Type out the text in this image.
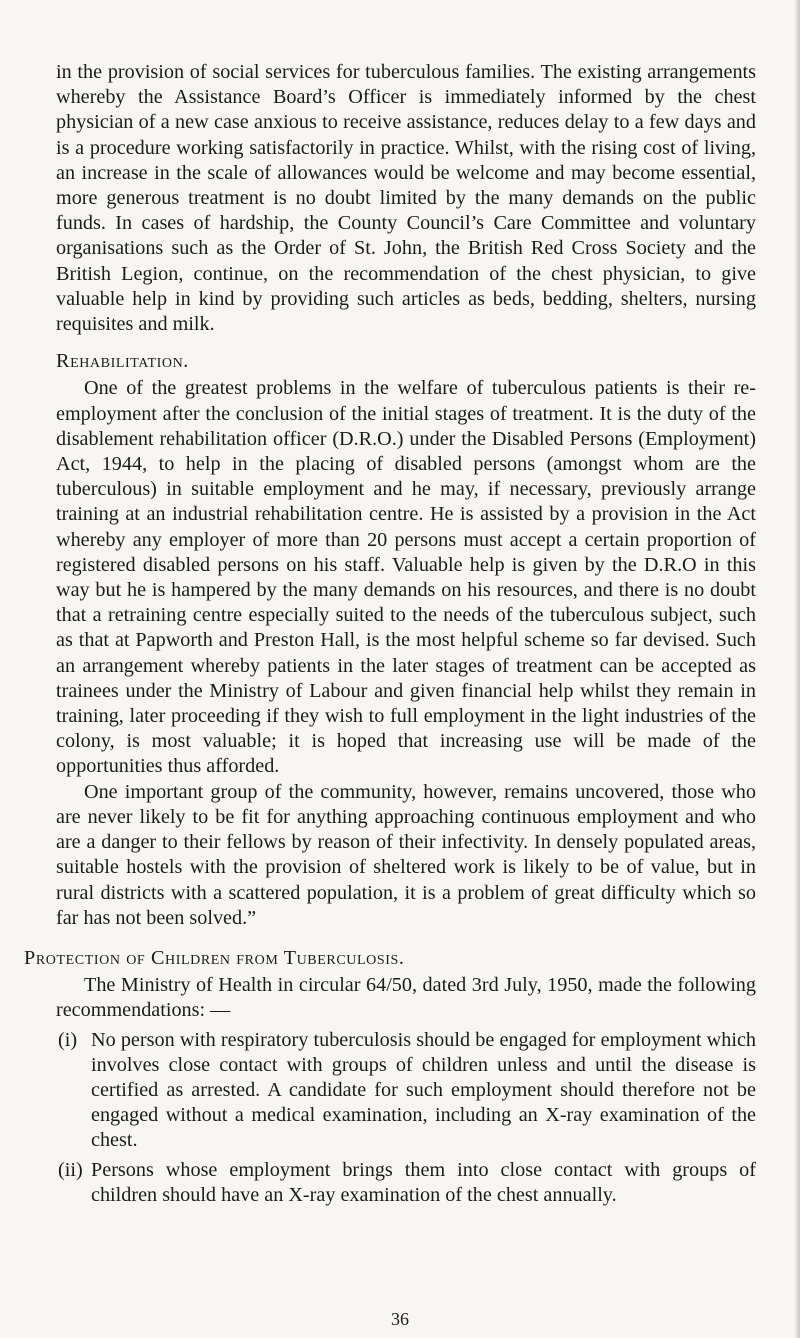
in the provision of social services for tuberculous families. The existing arrangements whereby the Assistance Board’s Officer is immediately informed by the chest physician of a new case anxious to receive assistance, reduces delay to a few days and is a procedure working satisfactorily in practice. Whilst, with the rising cost of living, an increase in the scale of allowances would be welcome and may become essential, more generous treatment is no doubt limited by the many demands on the public funds. In cases of hardship, the County Council’s Care Committee and voluntary organisations such as the Order of St. John, the British Red Cross Society and the British Legion, continue, on the recommendation of the chest physician, to give valuable help in kind by providing such articles as beds, bedding, shelters, nursing requisites and milk.

Rehabilitation.

One of the greatest problems in the welfare of tuberculous patients is their re-employment after the conclusion of the initial stages of treatment. It is the duty of the disablement rehabilitation officer (D.R.O.) under the Disabled Persons (Employment) Act, 1944, to help in the placing of disabled persons (amongst whom are the tuberculous) in suitable employment and he may, if necessary, previously arrange training at an industrial rehabilitation centre. He is assisted by a provision in the Act whereby any employer of more than 20 persons must accept a certain proportion of registered disabled persons on his staff. Valuable help is given by the D.R.O in this way but he is hampered by the many demands on his resources, and there is no doubt that a retraining centre especially suited to the needs of the tuberculous subject, such as that at Papworth and Preston Hall, is the most helpful scheme so far devised. Such an arrangement whereby patients in the later stages of treatment can be accepted as trainees under the Ministry of Labour and given financial help whilst they remain in training, later proceeding if they wish to full employment in the light industries of the colony, is most valuable; it is hoped that increasing use will be made of the opportunities thus afforded.

One important group of the community, however, remains uncovered, those who are never likely to be fit for anything approaching continuous employment and who are a danger to their fellows by reason of their infectivity. In densely populated areas, suitable hostels with the provision of sheltered work is likely to be of value, but in rural districts with a scattered population, it is a problem of great difficulty which so far has not been solved.”

Protection of Children from Tuberculosis.

The Ministry of Health in circular 64/50, dated 3rd July, 1950, made the following recommendations: —

(i) No person with respiratory tuberculosis should be engaged for employment which involves close contact with groups of children unless and until the disease is certified as arrested. A candidate for such employment should therefore not be engaged without a medical examination, including an X-ray examination of the chest.
(ii) Persons whose employment brings them into close contact with groups of children should have an X-ray examination of the chest annually.
36
